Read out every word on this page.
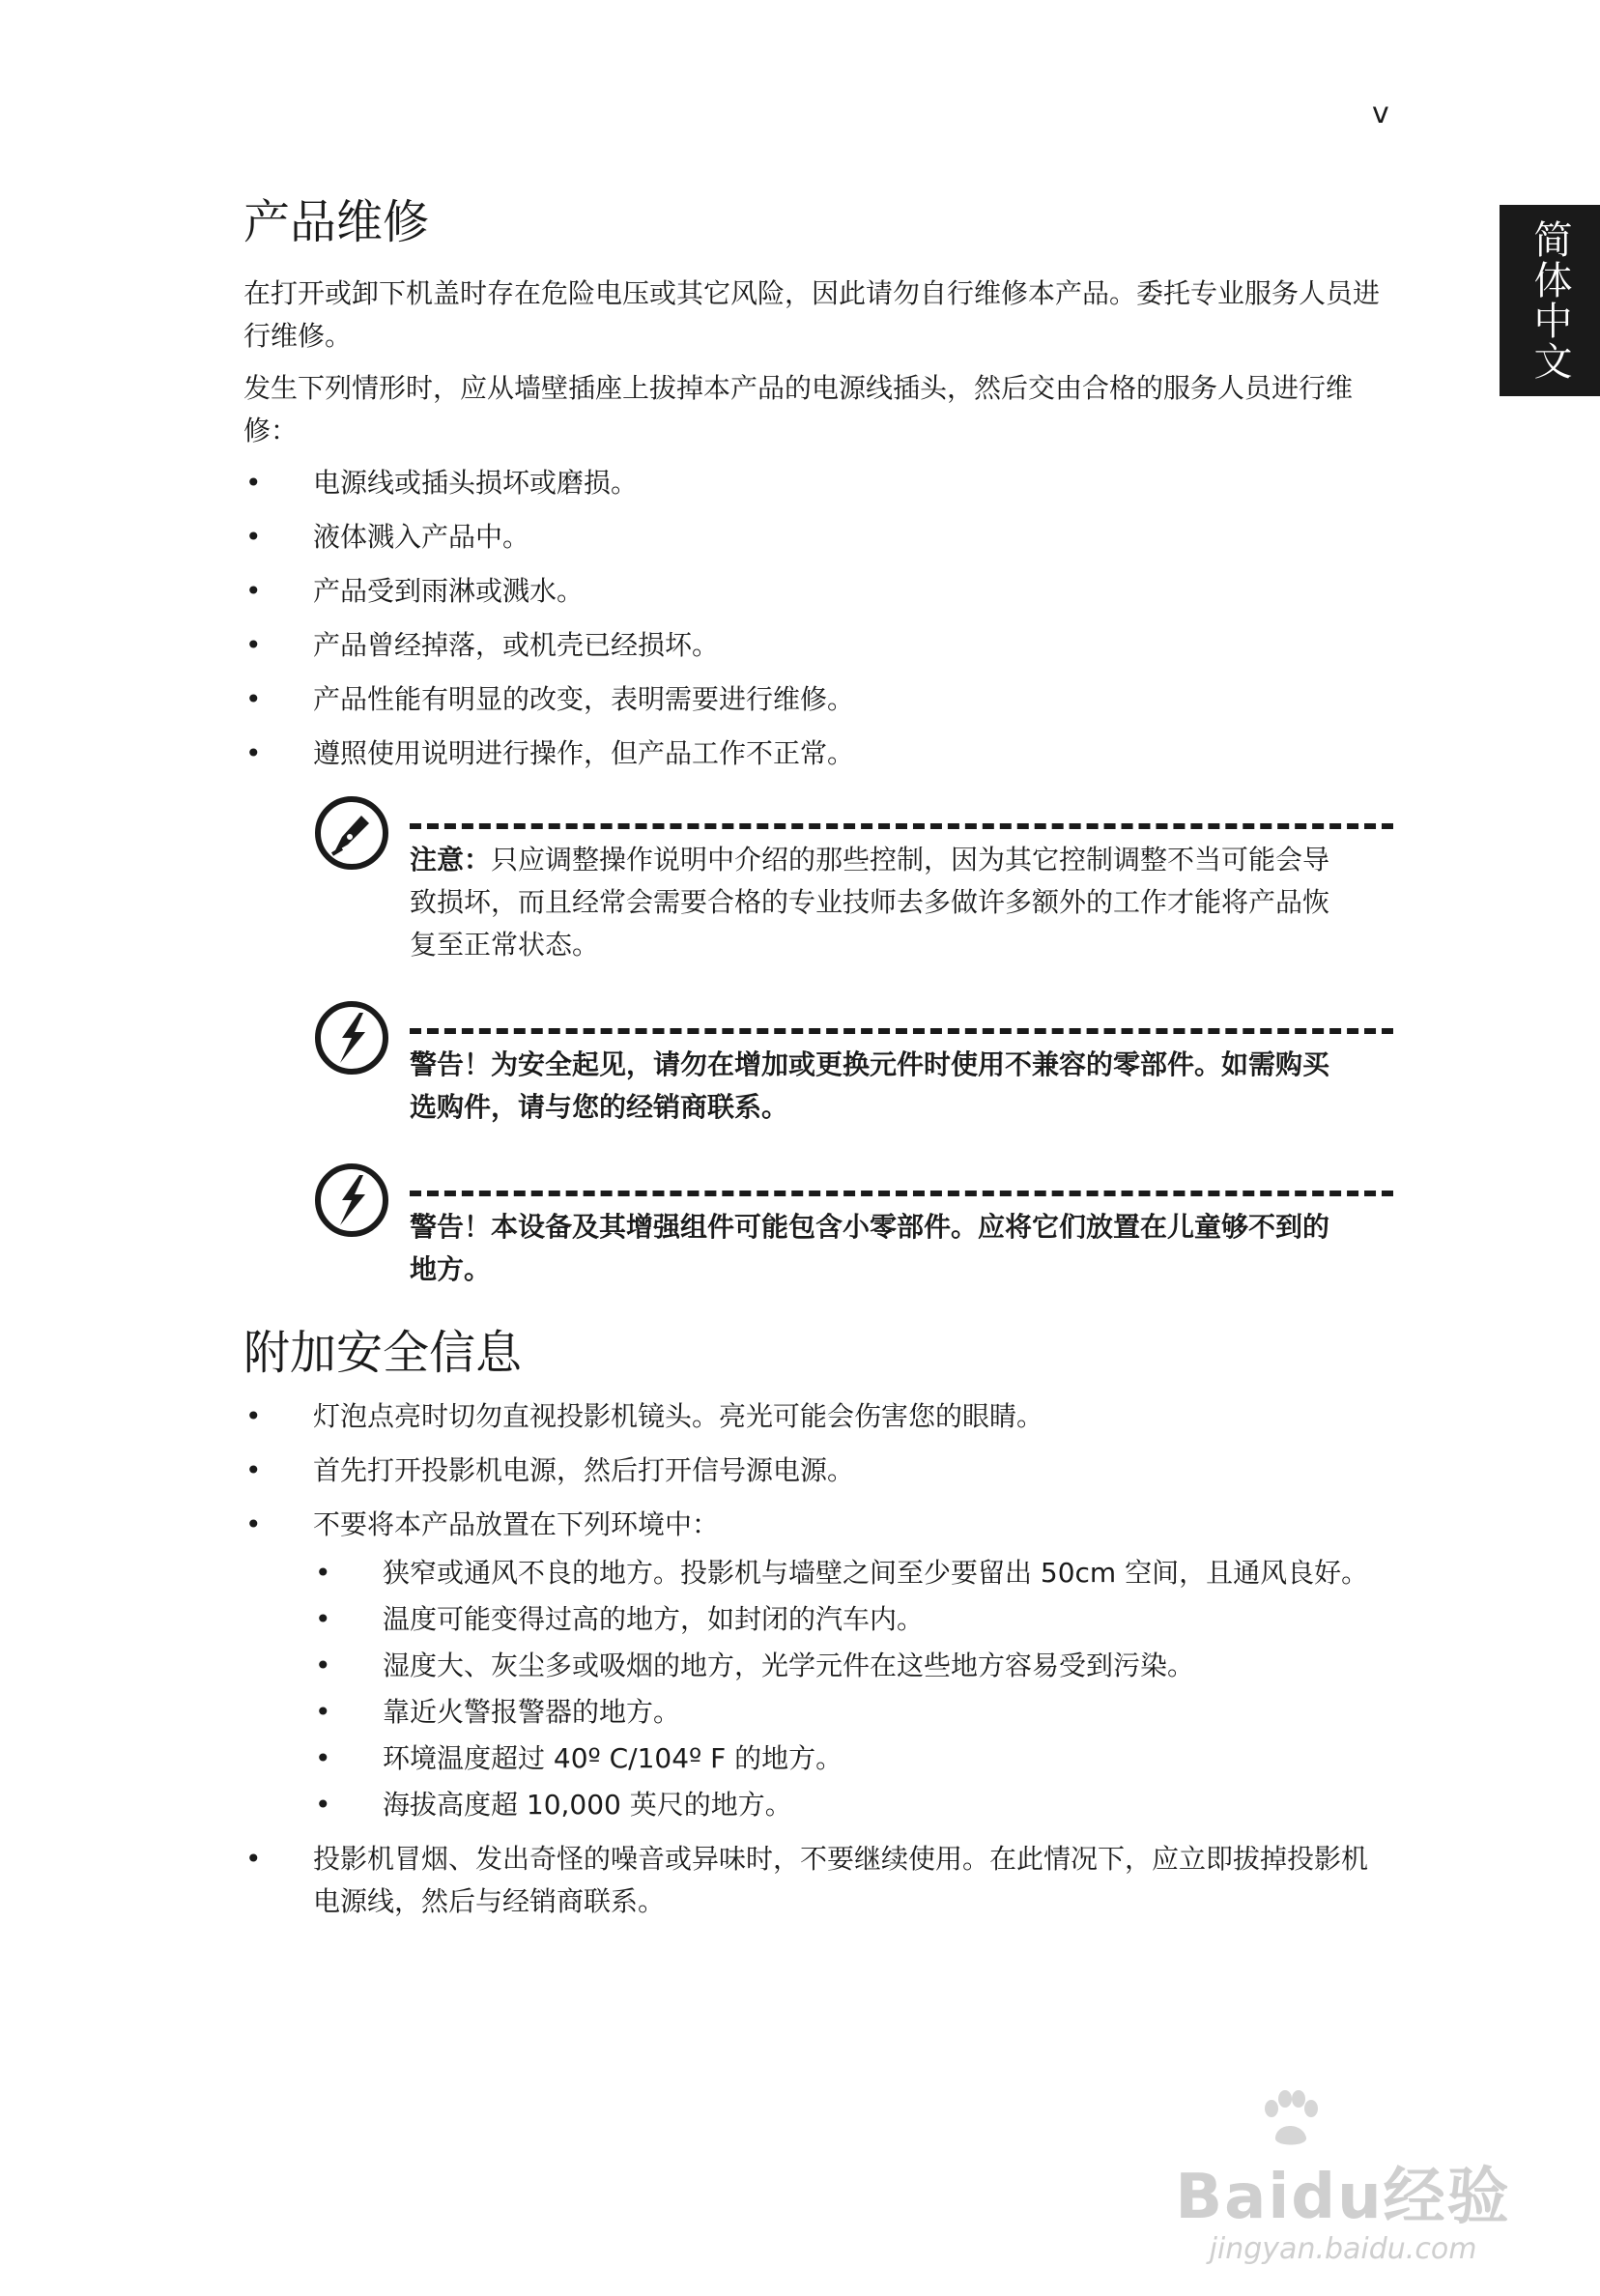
v
简体中文
产品维修

在打开或卸下机盖时存在危险电压或其它风险，因此请勿自行维修本产品。委托专业服务人员进行维修。

发生下列情形时，应从墙壁插座上拔掉本产品的电源线插头，然后交由合格的服务人员进行维修：

• 电源线或插头损坏或磨损。
• 液体溅入产品中。
• 产品受到雨淋或溅水。
• 产品曾经掉落，或机壳已经损坏。
• 产品性能有明显的改变，表明需要进行维修。
• 遵照使用说明进行操作，但产品工作不正常。
注意：只应调整操作说明中介绍的那些控制，因为其它控制调整不当可能会导致损坏，而且经常会需要合格的专业技师去多做许多额外的工作才能将产品恢复至正常状态。
警告！为安全起见，请勿在增加或更换元件时使用不兼容的零部件。如需购买选购件，请与您的经销商联系。
警告！本设备及其增强组件可能包含小零部件。应将它们放置在儿童够不到的地方。
附加安全信息
• 灯泡点亮时切勿直视投影机镜头。亮光可能会伤害您的眼睛。
• 首先打开投影机电源，然后打开信号源电源。
• 不要将本产品放置在下列环境中：
• 狭窄或通风不良的地方。投影机与墙壁之间至少要留出 50cm 空间，且通风良好。
• 温度可能变得过高的地方，如封闭的汽车内。
• 湿度大、灰尘多或吸烟的地方，光学元件在这些地方容易受到污染。
• 靠近火警报警器的地方。
• 环境温度超过 40º C/104º F 的地方。
• 海拔高度超 10,000 英尺的地方。
• 投影机冒烟、发出奇怪的噪音或异味时，不要继续使用。在此情况下，应立即拔掉投影机电源线，然后与经销商联系。
Baidu经验
jingyan.baidu.com
